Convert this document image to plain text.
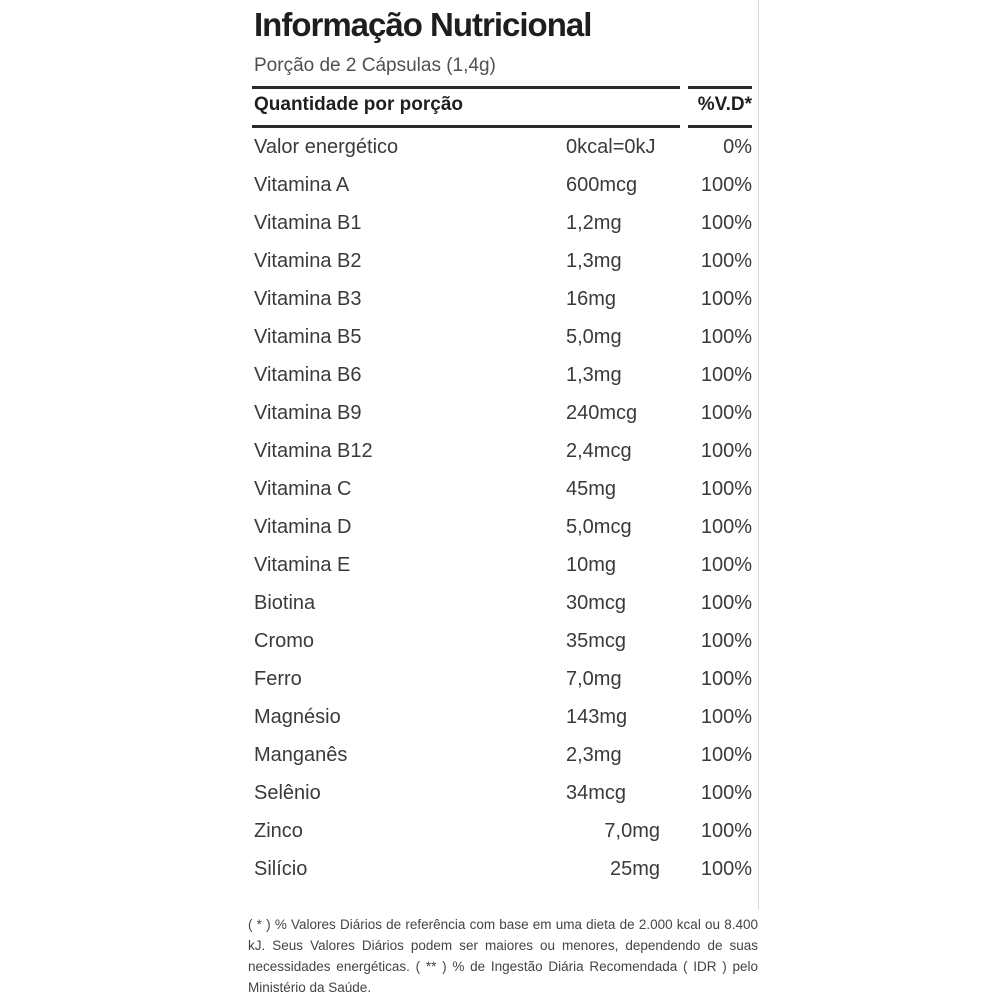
Informação Nutricional
Porção de 2 Cápsulas (1,4g)
Quantidade por porção	%V.D*
Valor energético	0kcal=0kJ	0%
Vitamina A	600mcg	100%
Vitamina B1	1,2mg	100%
Vitamina B2	1,3mg	100%
Vitamina B3	16mg	100%
Vitamina B5	5,0mg	100%
Vitamina B6	1,3mg	100%
Vitamina B9	240mcg	100%
Vitamina B12	2,4mcg	100%
Vitamina C	45mg	100%
Vitamina D	5,0mcg	100%
Vitamina E	10mg	100%
Biotina	30mcg	100%
Cromo	35mcg	100%
Ferro	7,0mg	100%
Magnésio	143mg	100%
Manganês	2,3mg	100%
Selênio	34mcg	100%
Zinco	7,0mg	100%
Silício	25mg	100%
( * ) % Valores Diários de referência com base em uma dieta de 2.000 kcal ou 8.400 kJ. Seus Valores Diários podem ser maiores ou menores, dependendo de suas necessidades energéticas. ( ** ) % de Ingestão Diária Recomendada ( IDR ) pelo Ministério da Saúde.
